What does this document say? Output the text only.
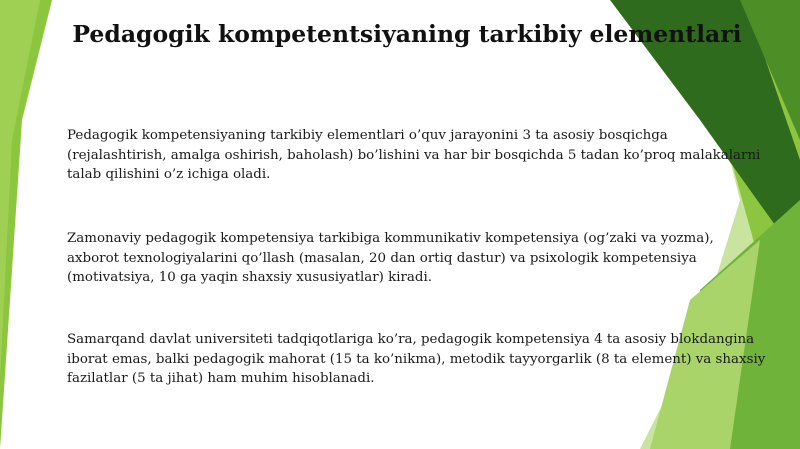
Pedagogik kompetentsiyaning tarkibiy elementlari
Pedagogik kompetensiyaning tarkibiy elementlari o’quv jarayonini 3 ta asosiy bosqichga (rejalashtirish, amalga oshirish, baholash) bo’lishini va har bir bosqichda 5 tadan ko’proq malakalarni talab qilishini o’z ichiga oladi.
Zamonaviy pedagogik kompetensiya tarkibiga kommunikativ kompetensiya (og’zaki va yozma), axborot texnologiyalarini qo’llash (masalan, 20 dan ortiq dastur) va psixologik kompetensiya (motivatsiya, 10 ga yaqin shaxsiy xususiyatlar) kiradi.
Samarqand davlat universiteti tadqiqotlariga ko’ra, pedagogik kompetensiya 4 ta asosiy blokdangina iborat emas, balki pedagogik mahorat (15 ta ko’nikma), metodik tayyorgarlik (8 ta element) va shaxsiy fazilatlar (5 ta jihat) ham muhim hisoblanadi.
